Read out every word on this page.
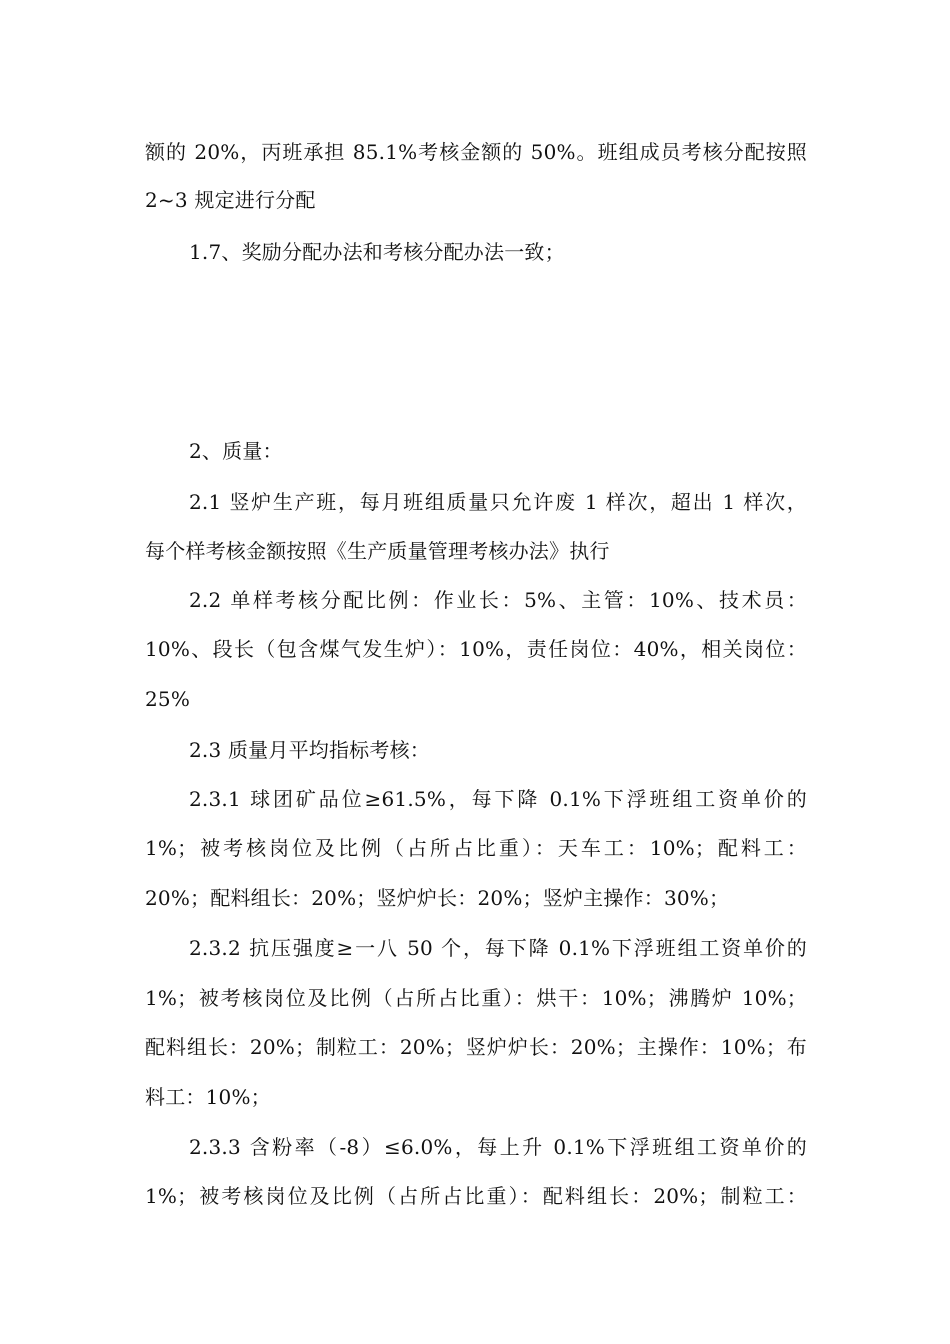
额的 20%，丙班承担 85.1%考核金额的 50%。班组成员考核分配按照
2~3 规定进行分配
1.7、奖励分配办法和考核分配办法一致；
2、质量：
2.1 竖炉生产班，每月班组质量只允许废 1 样次，超出 1 样次，
每个样考核金额按照《生产质量管理考核办法》执行
2.2 单样考核分配比例：作业长：5%、主管：10%、技术员：
10%、段长（包含煤气发生炉）：10%，责任岗位：40%，相关岗位：
25%
2.3 质量月平均指标考核：
2.3.1 球团矿品位≥61.5%，每下降 0.1%下浮班组工资单价的
1%；被考核岗位及比例（占所占比重）：天车工：10%；配料工：
20%；配料组长：20%；竖炉炉长：20%；竖炉主操作：30%；
2.3.2 抗压强度≥一八 50 个，每下降 0.1%下浮班组工资单价的
1%；被考核岗位及比例（占所占比重）：烘干：10%；沸腾炉 10%；
配料组长：20%；制粒工：20%；竖炉炉长：20%；主操作：10%；布
料工：10%；
2.3.3 含粉率（-8）≤6.0%，每上升 0.1%下浮班组工资单价的
1%；被考核岗位及比例（占所占比重）：配料组长：20%；制粒工：
